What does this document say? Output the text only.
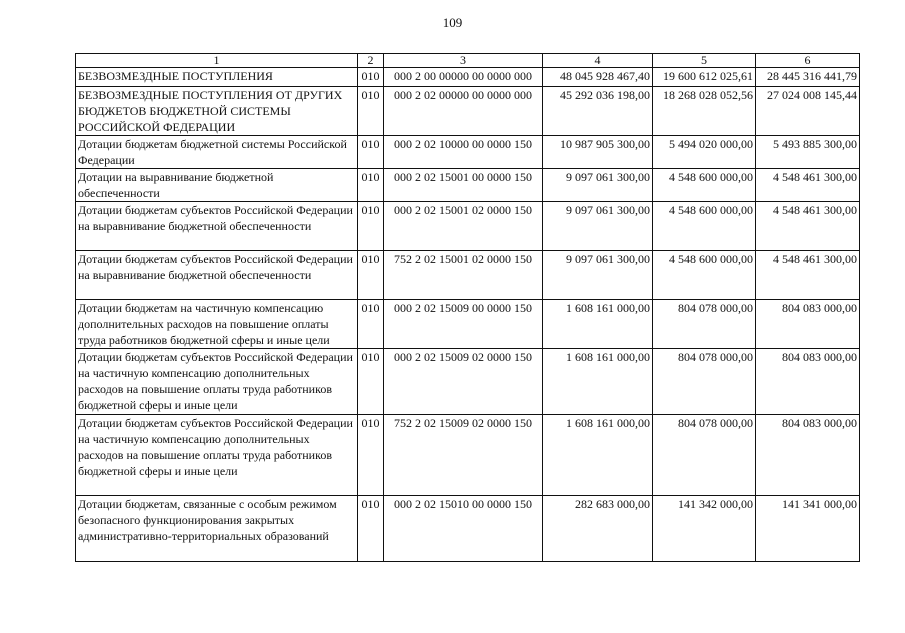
109
1	2	3	4	5	6
БЕЗВОЗМЕЗДНЫЕ ПОСТУПЛЕНИЯ	010	000 2 00 00000 00 0000 000	48 045 928 467,40	19 600 612 025,61	28 445 316 441,79
БЕЗВОЗМЕЗДНЫЕ ПОСТУПЛЕНИЯ ОТ ДРУГИХ БЮДЖЕТОВ БЮДЖЕТНОЙ СИСТЕМЫ РОССИЙСКОЙ ФЕДЕРАЦИИ	010	000 2 02 00000 00 0000 000	45 292 036 198,00	18 268 028 052,56	27 024 008 145,44
Дотации бюджетам бюджетной системы Российской Федерации	010	000 2 02 10000 00 0000 150	10 987 905 300,00	5 494 020 000,00	5 493 885 300,00
Дотации на выравнивание бюджетной обеспеченности	010	000 2 02 15001 00 0000 150	9 097 061 300,00	4 548 600 000,00	4 548 461 300,00
Дотации бюджетам субъектов Российской Федерации на выравнивание бюджетной обеспеченности	010	000 2 02 15001 02 0000 150	9 097 061 300,00	4 548 600 000,00	4 548 461 300,00
Дотации бюджетам субъектов Российской Федерации на выравнивание бюджетной обеспеченности	010	752 2 02 15001 02 0000 150	9 097 061 300,00	4 548 600 000,00	4 548 461 300,00
Дотации бюджетам на частичную компенсацию дополнительных расходов на повышение оплаты труда работников бюджетной сферы и иные цели	010	000 2 02 15009 00 0000 150	1 608 161 000,00	804 078 000,00	804 083 000,00
Дотации бюджетам субъектов Российской Федерации на частичную компенсацию дополнительных расходов на повышение оплаты труда работников бюджетной сферы и иные цели	010	000 2 02 15009 02 0000 150	1 608 161 000,00	804 078 000,00	804 083 000,00
Дотации бюджетам субъектов Российской Федерации на частичную компенсацию дополнительных расходов на повышение оплаты труда работников бюджетной сферы и иные цели	010	752 2 02 15009 02 0000 150	1 608 161 000,00	804 078 000,00	804 083 000,00
Дотации бюджетам, связанные с особым режимом безопасного функционирования закрытых административно-территориальных образований	010	000 2 02 15010 00 0000 150	282 683 000,00	141 342 000,00	141 341 000,00
